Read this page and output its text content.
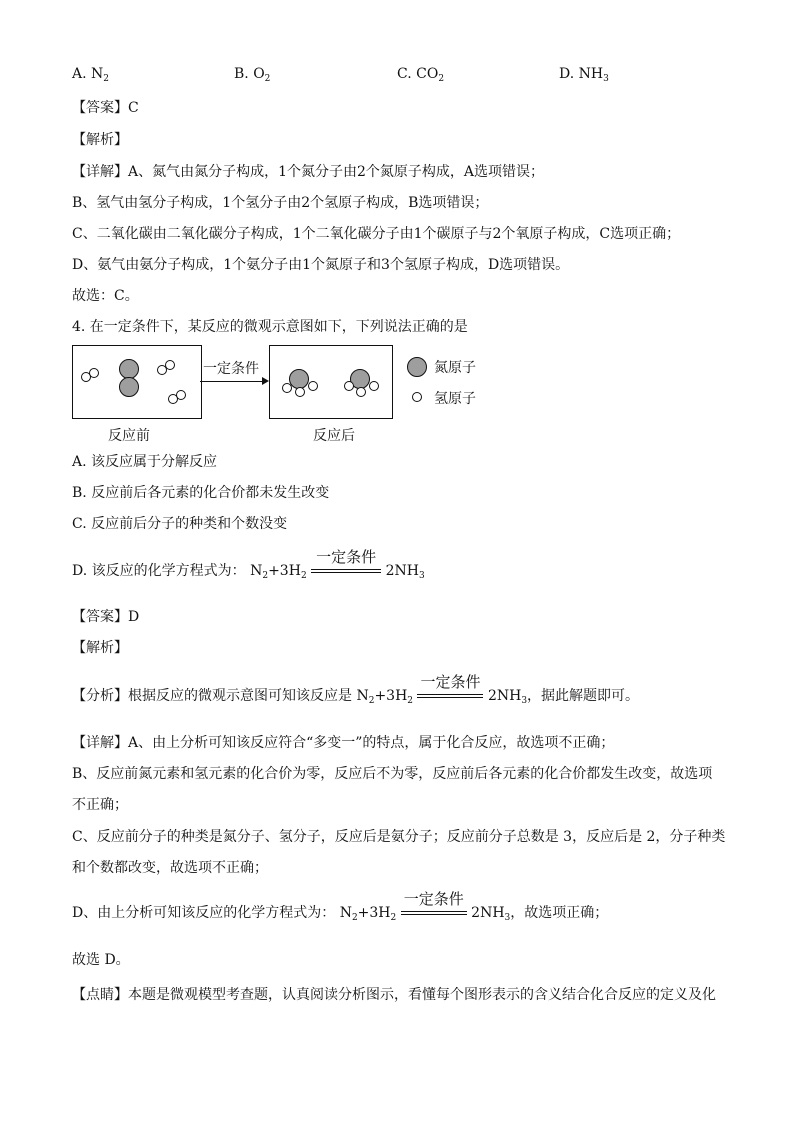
A. $N_2$	B. $O_2$	C. $CO_2$	D. $NH_3$
【答案】C
【解析】
【详解】A、氮气由氮分子构成，1个氮分子由2个氮原子构成，A选项错误；
B、氢气由氢分子构成，1个氢分子由2个氢原子构成，B选项错误；
C、二氧化碳由二氧化碳分子构成，1个二氧化碳分子由1个碳原子与2个氧原子构成，C选项正确；
D、氨气由氨分子构成，1个氨分子由1个氮原子和3个氢原子构成，D选项错误。
故选：C。
4. 在一定条件下，某反应的微观示意图如下，下列说法正确的是
一定条件	氮原子
氢原子
反应前	反应后
A. 该反应属于分解反应
B. 反应前后各元素的化合价都未发生改变
C. 反应前后分子的种类和个数没变
D. 该反应的化学方程式为： $N_2+3H_2$
一定条件
$2NH_3$
【答案】D
【解析】
【分析】根据反应的微观示意图可知该反应是 $N_2+3H_2$
一定条件
$2NH_3$，据此解题即可。
【详解】A、由上分析可知该反应符合“多变一”的特点，属于化合反应，故选项不正确；
B、反应前氮元素和氢元素的化合价为零，反应后不为零，反应前后各元素的化合价都发生改变，故选项
不正确；
C、反应前分子的种类是氮分子、氢分子，反应后是氨分子；反应前分子总数是 3，反应后是 2，分子种类
和个数都改变，故选项不正确；
D、由上分析可知该反应的化学方程式为： $N_2+3H_2$
一定条件
$2NH_3$，故选项正确；
故选 D。
【点睛】本题是微观模型考查题，认真阅读分析图示，看懂每个图形表示的含义结合化合反应的定义及化
